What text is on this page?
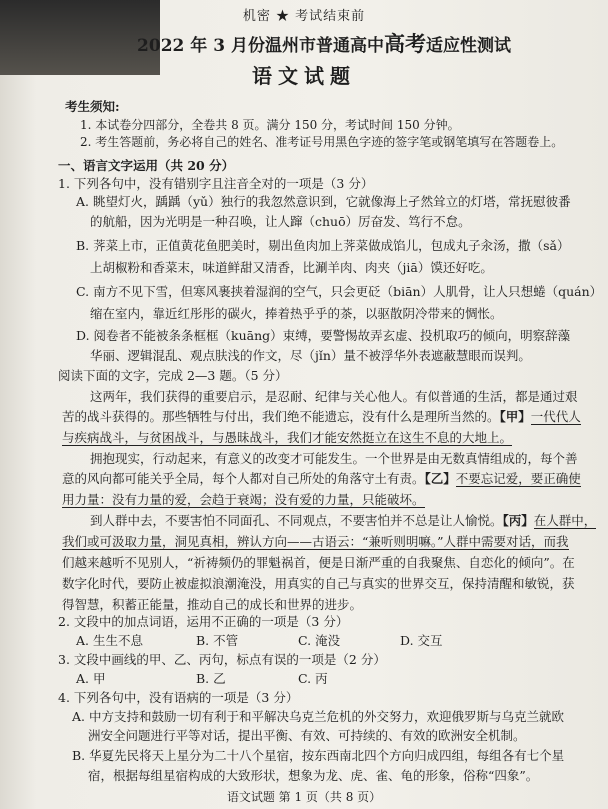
机密 ★ 考试结束前
2022 年 3 月份温州市普通高中高考适应性测试
语文试题
考生须知:
1. 本试卷分四部分，全卷共 8 页。满分 150 分，考试时间 150 分钟。
2. 考生答题前，务必将自己的姓名、准考证号用黑色字迹的签字笔或钢笔填写在答题卷上。
一、语言文字运用（共 20 分）
1. 下列各句中，没有错别字且注音全对的一项是（3 分）
A. 眺望灯火，踽踽（yǔ）独行的我忽然意识到，它就像海上孑然耸立的灯塔，常抚慰彼番
的航船，因为光明是一种召唤，让人蹿（chuō）厉奋发、笃行不怠。
B. 荠菜上市，正值黄花鱼肥美时，剔出鱼肉加上荠菜做成馅儿，包成丸子汆汤，撒（sǎ）
上胡椒粉和香菜末，味道鲜甜又清香，比涮羊肉、肉夹（jiā）馍还好吃。
C. 南方不见下雪，但寒风裹挟着湿润的空气，只会更砭（biān）人肌骨，让人只想蜷（quán）
缩在室内，靠近红彤彤的碳火，捧着热乎乎的茶，以驱散阴冷带来的惆怅。
D. 阅卷者不能被条条框框（kuāng）束缚，要警惕故弄玄虚、投机取巧的倾向，明察辞藻
华丽、逻辑混乱、观点肤浅的作文，尽（jǐn）量不被浮华外表遮蔽慧眼而误判。
阅读下面的文字，完成 2—3 题。（5 分）
这两年，我们获得的重要启示，是忍耐、纪律与关心他人。有似普通的生活，都是通过艰
苦的战斗获得的。那些牺牲与付出，我们绝不能遗忘，没有什么是理所当然的。【甲】一代代人
与疾病战斗，与贫困战斗，与愚昧战斗，我们才能安然挺立在这生不息的大地上。
拥抱现实，行动起来，有意义的改变才可能发生。一个世界是由无数真情组成的，每个善
意的风向都可能关乎全局，每个人都对自己所处的角落守土有责。【乙】不要忘记爱，要正确使
用力量：没有力量的爱，会趋于衰竭；没有爱的力量，只能破坏。
到人群中去，不要害怕不同面孔、不同观点，不要害怕并不总是让人愉悦。【丙】在人群中，
我们或可汲取力量，洞见真相，辨认方向——古语云：“兼听则明嘛。”人群中需要对话，而我
们越来越听不见别人，“祈祷频仍的罪魁祸首，便是日渐严重的自我聚焦、自恋化的倾向”。在
数字化时代，要防止被虚拟浪潮淹没，用真实的自己与真实的世界交互，保持清醒和敏锐，获
得智慧，积蓄正能量，推动自己的成长和世界的进步。
2. 文段中的加点词语，运用不正确的一项是（3 分）
A. 生生不息	B. 不管	C. 淹没	D. 交互
3. 文段中画线的甲、乙、丙句，标点有误的一项是（2 分）
A. 甲	B. 乙	C. 丙
4. 下列各句中，没有语病的一项是（3 分）
A. 中方支持和鼓励一切有利于和平解决乌克兰危机的外交努力，欢迎俄罗斯与乌克兰就欧
洲安全问题进行平等对话，提出平衡、有效、可持续的、有效的欧洲安全机制。
B. 华夏先民将天上星分为二十八个星宿，按东西南北四个方向归成四组，每组各有七个星
宿，根据每组星宿构成的大致形状，想象为龙、虎、雀、龟的形象，俗称“四象”。
语文试题 第 1 页（共 8 页）
